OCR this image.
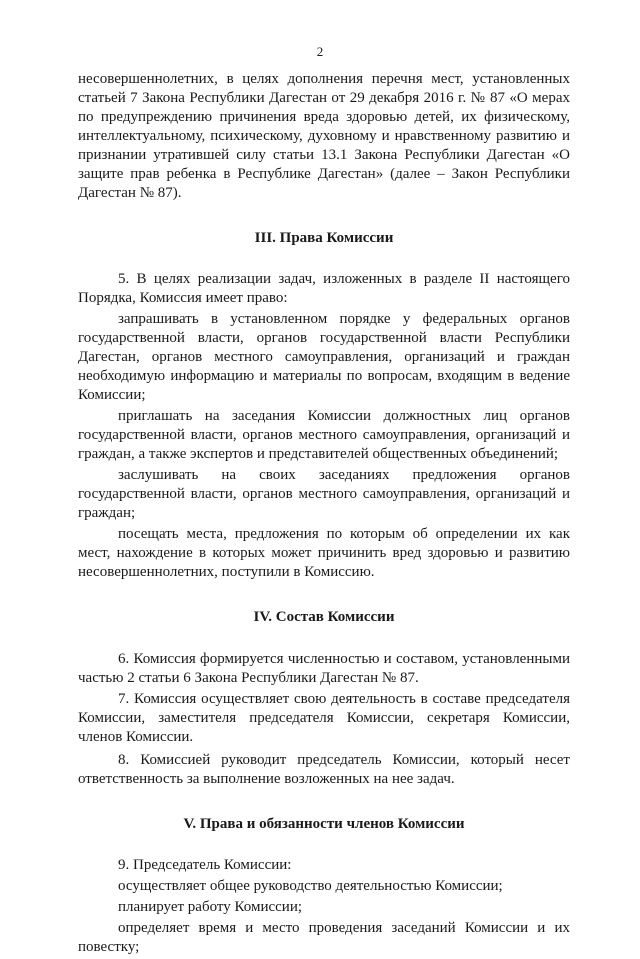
2

несовершеннолетних, в целях дополнения перечня мест, установленных статьей 7 Закона Республики Дагестан от 29 декабря 2016 г. № 87 «О мерах по предупреждению причинения вреда здоровью детей, их физическому, интеллектуальному, психическому, духовному и нравственному развитию и признании утратившей силу статьи 13.1 Закона Республики Дагестан «О защите прав ребенка в Республике Дагестан» (далее – Закон Республики Дагестан № 87).

III. Права Комиссии

5. В целях реализации задач, изложенных в разделе II настоящего Порядка, Комиссия имеет право:

запрашивать в установленном порядке у федеральных органов государственной власти, органов государственной власти Республики Дагестан, органов местного самоуправления, организаций и граждан необходимую информацию и материалы по вопросам, входящим в ведение Комиссии;

приглашать на заседания Комиссии должностных лиц органов государственной власти, органов местного самоуправления, организаций и граждан, а также экспертов и представителей общественных объединений;

заслушивать на своих заседаниях предложения органов государственной власти, органов местного самоуправления, организаций и граждан;

посещать места, предложения по которым об определении их как мест, нахождение в которых может причинить вред здоровью и развитию несовершеннолетних, поступили в Комиссию.

IV. Состав Комиссии

6. Комиссия формируется численностью и составом, установленными частью 2 статьи 6 Закона Республики Дагестан № 87.

7. Комиссия осуществляет свою деятельность в составе председателя Комиссии, заместителя председателя Комиссии, секретаря Комиссии, членов Комиссии.

8. Комиссией руководит председатель Комиссии, который несет ответственность за выполнение возложенных на нее задач.

V. Права и обязанности членов Комиссии

9. Председатель Комиссии:

осуществляет общее руководство деятельностью Комиссии;

планирует работу Комиссии;

определяет время и место проведения заседаний Комиссии и их повестку;
